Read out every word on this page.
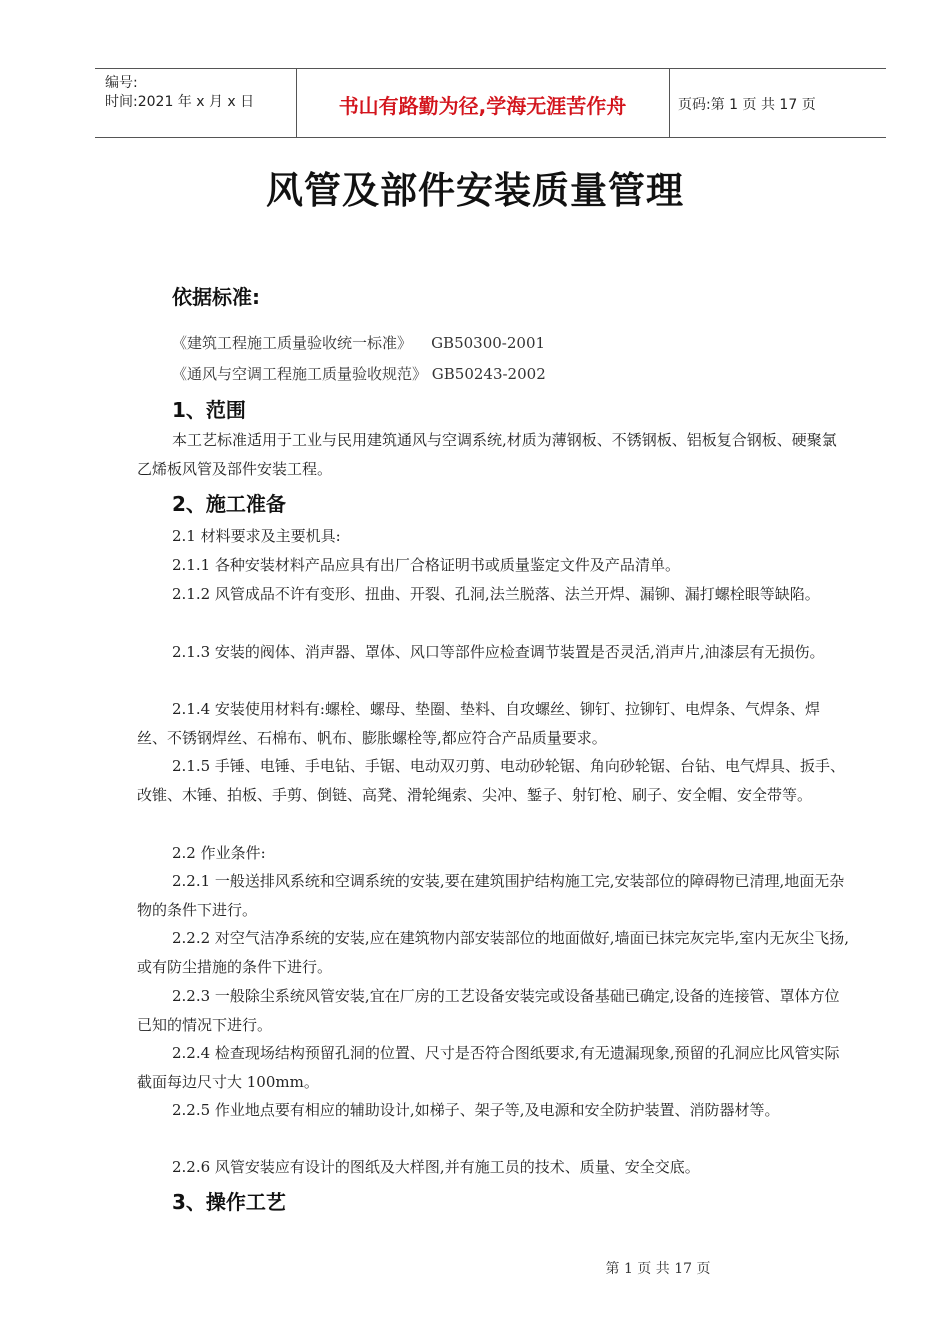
编号:
时间:2021 年 x 月 x 日	书山有路勤为径,学海无涯苦作舟	页码:第 1 页 共 17 页
风管及部件安装质量管理
依据标准:
《建筑工程施工质量验收统一标准》    GB50300-2001
《通风与空调工程施工质量验收规范》 GB50243-2002
1、范围
本工艺标准适用于工业与民用建筑通风与空调系统,材质为薄钢板、不锈钢板、铝板复合钢板、硬聚氯乙烯板风管及部件安装工程。
2、施工准备
2.1 材料要求及主要机具:
2.1.1 各种安装材料产品应具有出厂合格证明书或质量鉴定文件及产品清单。
2.1.2 风管成品不许有变形、扭曲、开裂、孔洞,法兰脱落、法兰开焊、漏铆、漏打螺栓眼等缺陷。
2.1.3 安装的阀体、消声器、罩体、风口等部件应检查调节装置是否灵活,消声片,油漆层有无损伤。
2.1.4 安装使用材料有:螺栓、螺母、垫圈、垫料、自攻螺丝、铆钉、拉铆钉、电焊条、气焊条、焊丝、不锈钢焊丝、石棉布、帆布、膨胀螺栓等,都应符合产品质量要求。
2.1.5 手锤、电锤、手电钻、手锯、电动双刃剪、电动砂轮锯、角向砂轮锯、台钻、电气焊具、扳手、改锥、木锤、拍板、手剪、倒链、高凳、滑轮绳索、尖冲、錾子、射钉枪、刷子、安全帽、安全带等。
2.2 作业条件:
2.2.1 一般送排风系统和空调系统的安装,要在建筑围护结构施工完,安装部位的障碍物已清理,地面无杂物的条件下进行。
2.2.2 对空气洁净系统的安装,应在建筑物内部安装部位的地面做好,墙面已抹完灰完毕,室内无灰尘飞扬,或有防尘措施的条件下进行。
2.2.3 一般除尘系统风管安装,宜在厂房的工艺设备安装完或设备基础已确定,设备的连接管、罩体方位已知的情况下进行。
2.2.4 检查现场结构预留孔洞的位置、尺寸是否符合图纸要求,有无遗漏现象,预留的孔洞应比风管实际截面每边尺寸大 100mm。
2.2.5 作业地点要有相应的辅助设计,如梯子、架子等,及电源和安全防护装置、消防器材等。
2.2.6 风管安装应有设计的图纸及大样图,并有施工员的技术、质量、安全交底。
3、操作工艺
第 1 页 共 17 页
